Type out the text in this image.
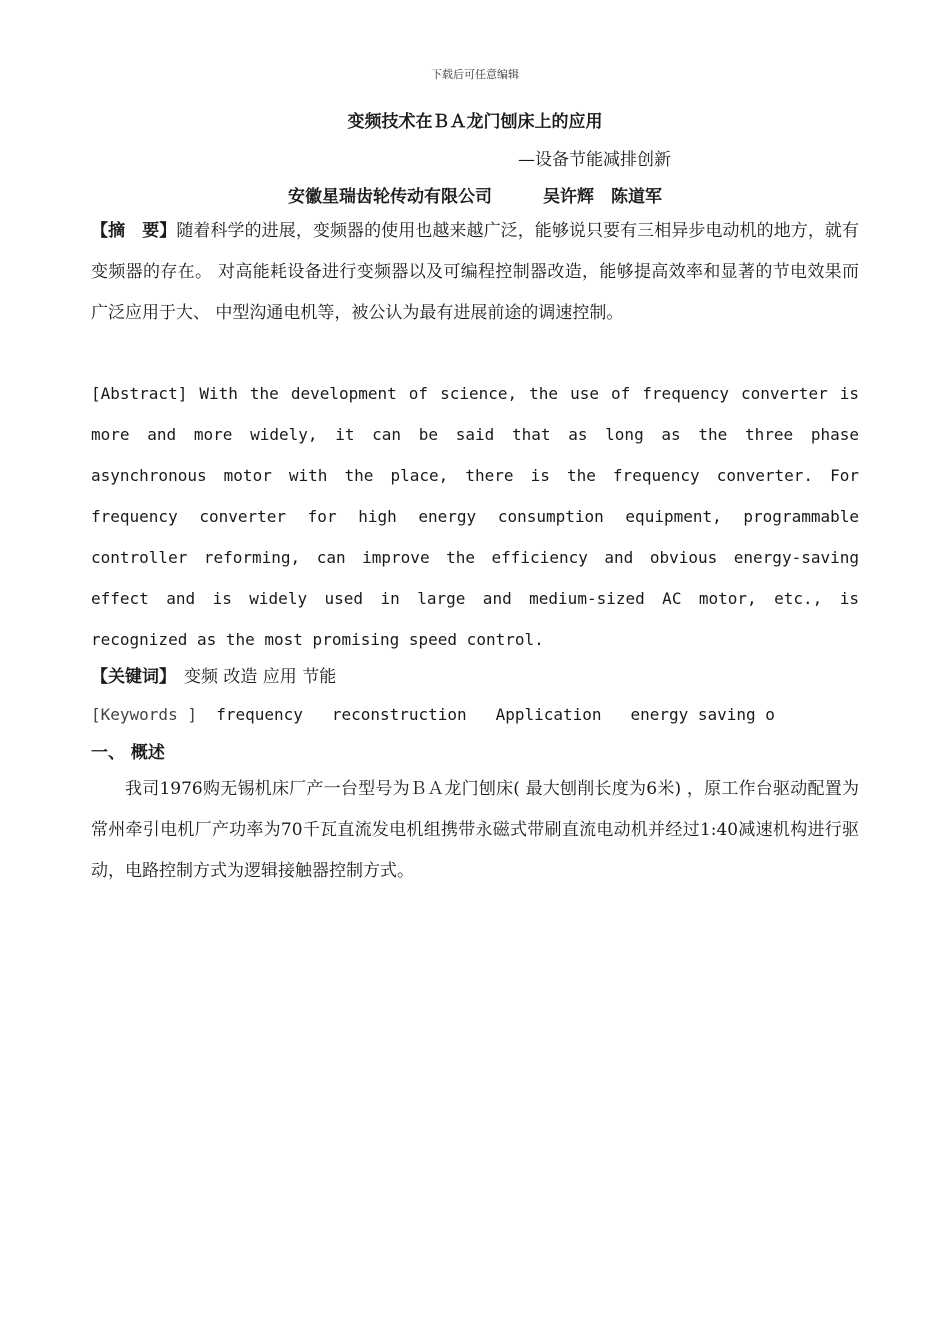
下载后可任意编辑
变频技术在ＢＡ龙门刨床上的应用
—设备节能减排创新
安徽星瑞齿轮传动有限公司　　　	吴许辉　陈道军
【摘　要】随着科学的进展，变频器的使用也越来越广泛，能够说只要有三相异步电动机的地方，就有变频器的存在。 对高能耗设备进行变频器以及可编程控制器改造，能够提高效率和显著的节电效果而广泛应用于大、 中型沟通电机等，被公认为最有进展前途的调速控制。
[Abstract] With the development of science, the use of frequency converter is more and more widely, it can be said that as long as the three phase asynchronous motor with the place, there is the frequency converter. For frequency converter for high energy consumption equipment, programmable controller reforming, can improve the efficiency and obvious energy-saving effect and is widely used in large and medium-sized AC motor, etc., is recognized as the most promising speed control.
【关键词】 变频 改造 应用 节能
[Keywords ] frequency   reconstruction   Application   energy saving o
一、 概述
我司1976购无锡机床厂产一台型号为ＢＡ龙门刨床( 最大刨削长度为6米) ，原工作台驱动配置为常州牵引电机厂产功率为70千瓦直流发电机组携带永磁式带刷直流电动机并经过1:40减速机构进行驱动，电路控制方式为逻辑接触器控制方式。
